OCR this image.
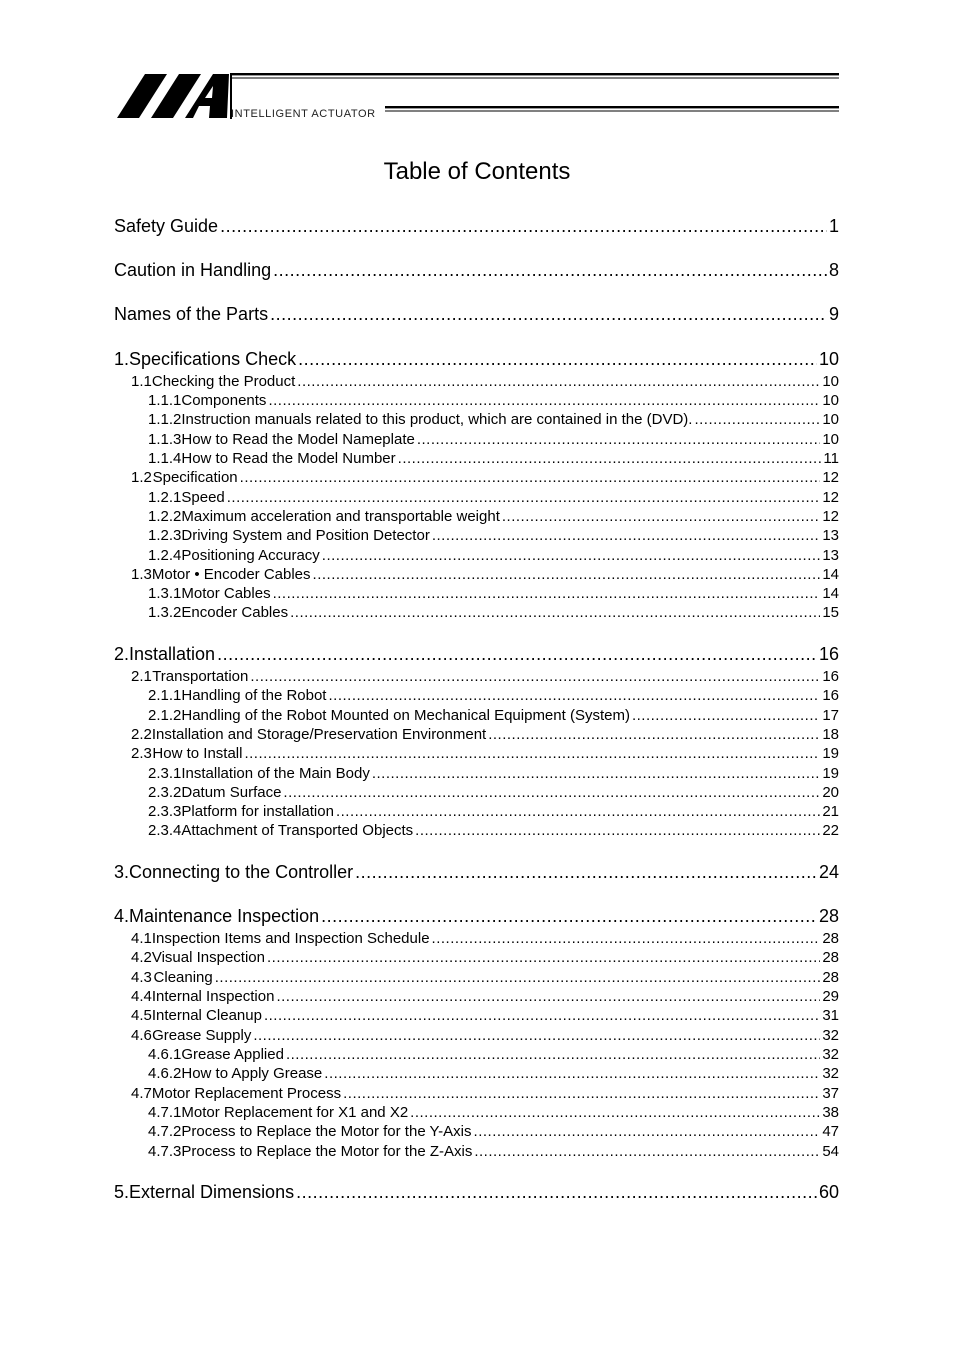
INTELLIGENT ACTUATOR
Table of Contents
Safety Guide .....	1
Caution in Handling .....	8
Names of the Parts .....	9
1. Specifications Check .....	10
1.1 Checking the Product .....	10
1.1.1 Components .....	10
1.1.2 Instruction manuals related to this product, which are contained in the (DVD). .....	10
1.1.3 How to Read the Model Nameplate .....	10
1.1.4 How to Read the Model Number .....	11
1.2 Specification .....	12
1.2.1 Speed .....	12
1.2.2 Maximum acceleration and transportable weight .....	12
1.2.3 Driving System and Position Detector .....	13
1.2.4 Positioning Accuracy .....	13
1.3 Motor • Encoder Cables .....	14
1.3.1 Motor Cables .....	14
1.3.2 Encoder Cables .....	15
2. Installation .....	16
2.1 Transportation .....	16
2.1.1 Handling of the Robot .....	16
2.1.2 Handling of the Robot Mounted on Mechanical Equipment (System) .....	17
2.2 Installation and Storage/Preservation Environment .....	18
2.3 How to Install .....	19
2.3.1 Installation of the Main Body .....	19
2.3.2 Datum Surface .....	20
2.3.3 Platform for installation .....	21
2.3.4 Attachment of Transported Objects .....	22
3. Connecting to the Controller .....	24
4. Maintenance Inspection .....	28
4.1 Inspection Items and Inspection Schedule .....	28
4.2 Visual Inspection .....	28
4.3 Cleaning .....	28
4.4 Internal Inspection .....	29
4.5 Internal Cleanup .....	31
4.6 Grease Supply .....	32
4.6.1 Grease Applied .....	32
4.6.2 How to Apply Grease .....	32
4.7 Motor Replacement Process .....	37
4.7.1 Motor Replacement for X1 and X2 .....	38
4.7.2 Process to Replace the Motor for the Y-Axis .....	47
4.7.3 Process to Replace the Motor for the Z-Axis .....	54
5. External Dimensions .....	60
